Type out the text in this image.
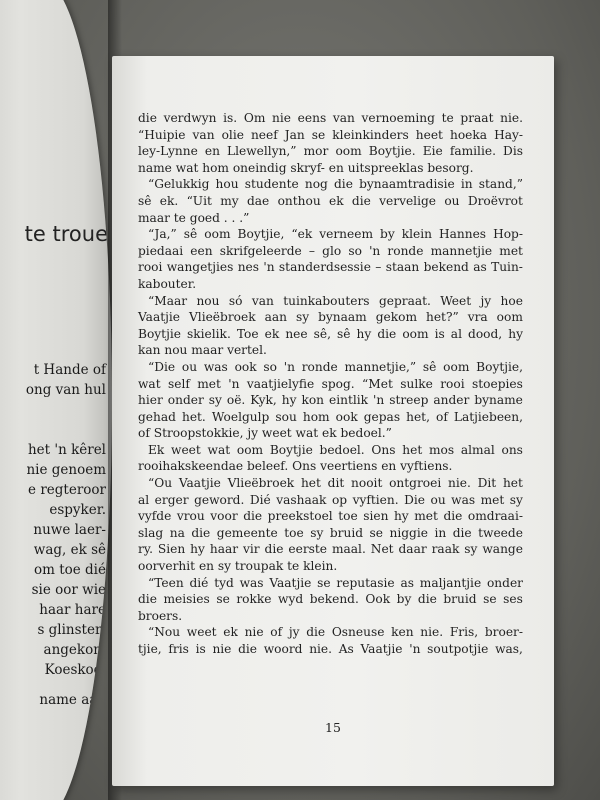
te troue
t Hande of
ong van hul
het 'n kêrel
nie genoem
e regteroor
espyker.
nuwe laer-
wag, ek sê
om toe dié
sie oor wie
haar hare
s glinster-
angekom
Koeskoei
name aan
die verdwyn is. Om nie eens van vernoeming te praat nie.
“Huipie van olie neef Jan se kleinkinders heet hoeka Hay-
ley-Lynne en Llewellyn,” mor oom Boytjie. Eie familie. Dis
name wat hom oneindig skryf- en uitspreeklas besorg.
“Gelukkig hou studente nog die bynaamtradisie in stand,”
sê ek. “Uit my dae onthou ek die vervelige ou Droëvrot
maar te goed . . .”
“Ja,” sê oom Boytjie, “ek verneem by klein Hannes Hop-
piedaai een skrifgeleerde – glo so 'n ronde mannetjie met
rooi wangetjies nes 'n standerdsessie – staan bekend as Tuin-
kabouter.
“Maar nou só van tuinkabouters gepraat. Weet jy hoe
Vaatjie Vlieëbroek aan sy bynaam gekom het?” vra oom
Boytjie skielik. Toe ek nee sê, sê hy die oom is al dood, hy
kan nou maar vertel.
“Die ou was ook so 'n ronde mannetjie,” sê oom Boytjie,
wat self met 'n vaatjielyfie spog. “Met sulke rooi stoepies
hier onder sy oë. Kyk, hy kon eintlik 'n streep ander byname
gehad het. Woelgulp sou hom ook gepas het, of Latjiebeen,
of Stroopstokkie, jy weet wat ek bedoel.”
Ek weet wat oom Boytjie bedoel. Ons het mos almal ons
rooihakskeendae beleef. Ons veertiens en vyftiens.
“Ou Vaatjie Vlieëbroek het dit nooit ontgroei nie. Dit het
al erger geword. Dié vashaak op vyftien. Die ou was met sy
vyfde vrou voor die preekstoel toe sien hy met die omdraai-
slag na die gemeente toe sy bruid se niggie in die tweede
ry. Sien hy haar vir die eerste maal. Net daar raak sy wange
oorverhit en sy troupak te klein.
“Teen dié tyd was Vaatjie se reputasie as maljantjie onder
die meisies se rokke wyd bekend. Ook by die bruid se ses
broers.
“Nou weet ek nie of jy die Osneuse ken nie. Fris, broer-
tjie, fris is nie die woord nie. As Vaatjie 'n soutpotjie was,
15
